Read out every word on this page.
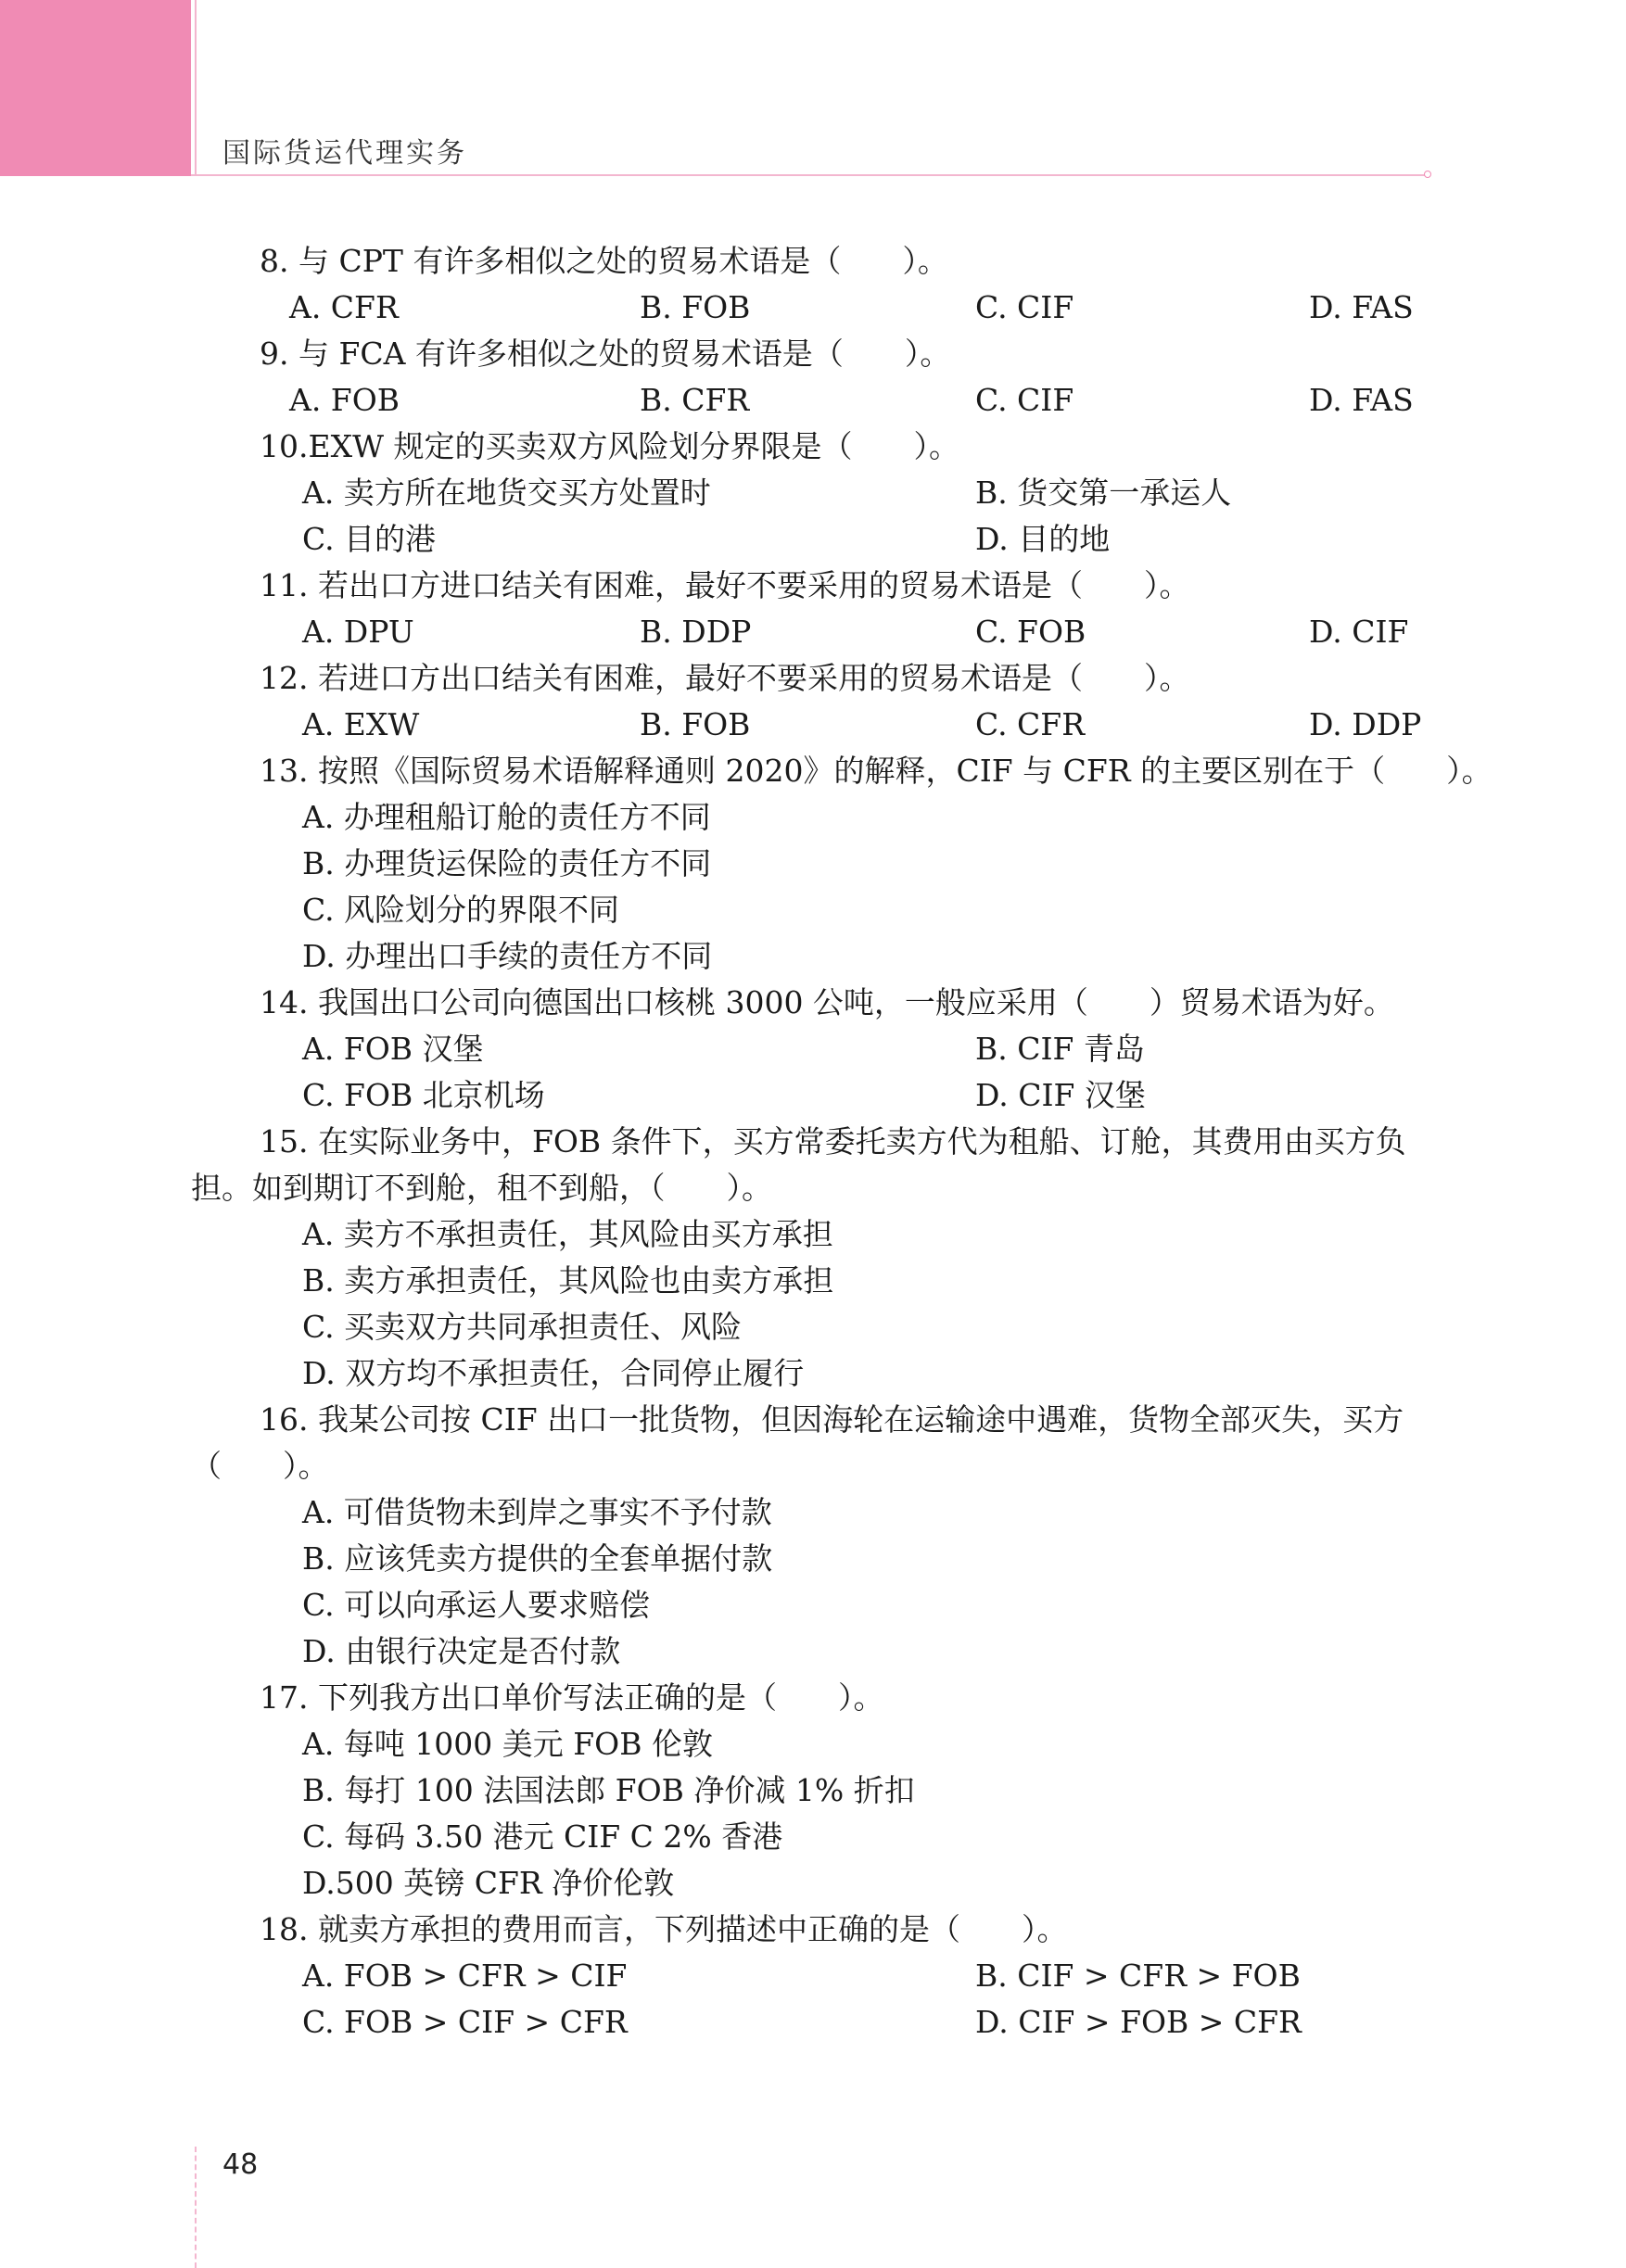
国际货运代理实务
8. 与 CPT 有许多相似之处的贸易术语是（　　）。
A. CFR	B. FOB	C. CIF	D. FAS
9. 与 FCA 有许多相似之处的贸易术语是（　　）。
A. FOB	B. CFR	C. CIF	D. FAS
10.EXW 规定的买卖双方风险划分界限是（　　）。
A. 卖方所在地货交买方处置时	B. 货交第一承运人
C. 目的港	D. 目的地
11. 若出口方进口结关有困难，最好不要采用的贸易术语是（　　）。
A. DPU	B. DDP	C. FOB	D. CIF
12. 若进口方出口结关有困难，最好不要采用的贸易术语是（　　）。
A. EXW	B. FOB	C. CFR	D. DDP
13. 按照《国际贸易术语解释通则 2020》的解释，CIF 与 CFR 的主要区别在于（　　）。
A. 办理租船订舱的责任方不同
B. 办理货运保险的责任方不同
C. 风险划分的界限不同
D. 办理出口手续的责任方不同
14. 我国出口公司向德国出口核桃 3000 公吨，一般应采用（　　）贸易术语为好。
A. FOB 汉堡	B. CIF 青岛
C. FOB 北京机场	D. CIF 汉堡
15. 在实际业务中，FOB 条件下，买方常委托卖方代为租船、订舱，其费用由买方负
担。如到期订不到舱，租不到船，（　　）。
A. 卖方不承担责任，其风险由买方承担
B. 卖方承担责任，其风险也由卖方承担
C. 买卖双方共同承担责任、风险
D. 双方均不承担责任，合同停止履行
16. 我某公司按 CIF 出口一批货物，但因海轮在运输途中遇难，货物全部灭失，买方
（　　）。
A. 可借货物未到岸之事实不予付款
B. 应该凭卖方提供的全套单据付款
C. 可以向承运人要求赔偿
D. 由银行决定是否付款
17. 下列我方出口单价写法正确的是（　　）。
A. 每吨 1000 美元 FOB 伦敦
B. 每打 100 法国法郎 FOB 净价减 1% 折扣
C. 每码 3.50 港元 CIF C 2% 香港
D.500 英镑 CFR 净价伦敦
18. 就卖方承担的费用而言，下列描述中正确的是（　　）。
A. FOB > CFR > CIF	B. CIF > CFR > FOB
C. FOB > CIF > CFR	D. CIF > FOB > CFR
48
